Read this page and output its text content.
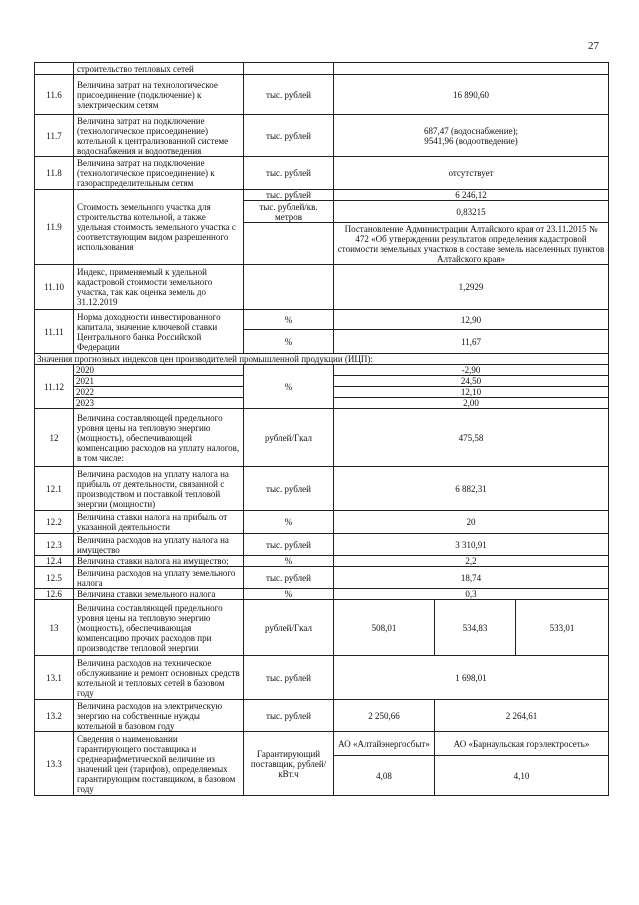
27
	строительство тепловых сетей				
11.6	Величина затрат на технологическое присоединение (подключение) к электрическим сетям	тыс. рублей	16 890,60		
11.7	Величина затрат на подключение (технологическое присоединение) котельной к централизованной системе водоснабжения и водоотведения	тыс. рублей	687,47 (водоснабжение);
9541,96 (водоотведение)		

11.8	Величина затрат на подключение (технологическое присоединение) к газораспределительным сетям	тыс. рублей	отсутствует		
11.9	Стоимость земельного участка для строительства котельной, а также удельная стоимость земельного участка с соответствующим видом разрешенного использования	тыс. рублей	6 246,12		
		тыс. рублей/кв. метров	0,83215		
			Постановление Администрации Алтайского края от 23.11.2015 № 472 «Об утверждении результатов определения кадастровой стоимости земельных участков в составе земель населенных пунктов Алтайского края»		
11.10	Индекс, применяемый к удельной кадастровой стоимости земельного участка, так как оценка земель до 31.12.2019		1,2929		
11.11	Норма доходности инвестированного капитала, значение ключевой ставки Центрального банка Российской Федерации	%	12,90		
		%	11,67		
Значения прогнозных индексов цен производителей промышленной продукции (ИЦП):					
11.12	2020	%	-2,90		
	2021		24,50		
	2022		12,10		
	2023		2,00		
12	Величина составляющей предельного уровня цены на тепловую энергию (мощность), обеспечивающей компенсацию расходов на уплату налогов, в том числе:	рублей/Гкал	475,58		
12.1	Величина расходов на уплату налога на прибыль от деятельности, связанной с производством и поставкой тепловой энергии (мощности)	тыс. рублей	6 882,31		
12.2	Величина ставки налога на прибыль от указанной деятельности	%	20		
12.3	Величина расходов на уплату налога на имущество	тыс. рублей	3 310,91		
12.4	Величина ставки налога на имущество;	%	2,2		
12.5	Величина расходов на уплату земельного налога	тыс. рублей	18,74		
12.6	Величина ставки земельного налога	%	0,3		
13	Величина составляющей предельного уровня цены на тепловую энергию (мощность), обеспечивающая компенсацию прочих расходов при производстве тепловой энергии	рублей/Гкал	508,01	534,83	533,01
13.1	Величина расходов на техническое обслуживание и ремонт основных средств котельной и тепловых сетей в базовом году	тыс. рублей	1 698,01		
13.2	Величина расходов на электрическую энергию на собственные нужды котельной в базовом году	тыс. рублей	2 250,66	2 264,61	
13.3	Сведения о наименовании гарантирующего поставщика и среднеарифметической величине из значений цен (тарифов), определяемых гарантирующим поставщиком, в базовом году	Гарантирующий поставщик, рублей/кВт.ч	АО «Алтайэнергосбыт»	АО «Барнаульская горэлектросеть»	
			4,08	4,10	
